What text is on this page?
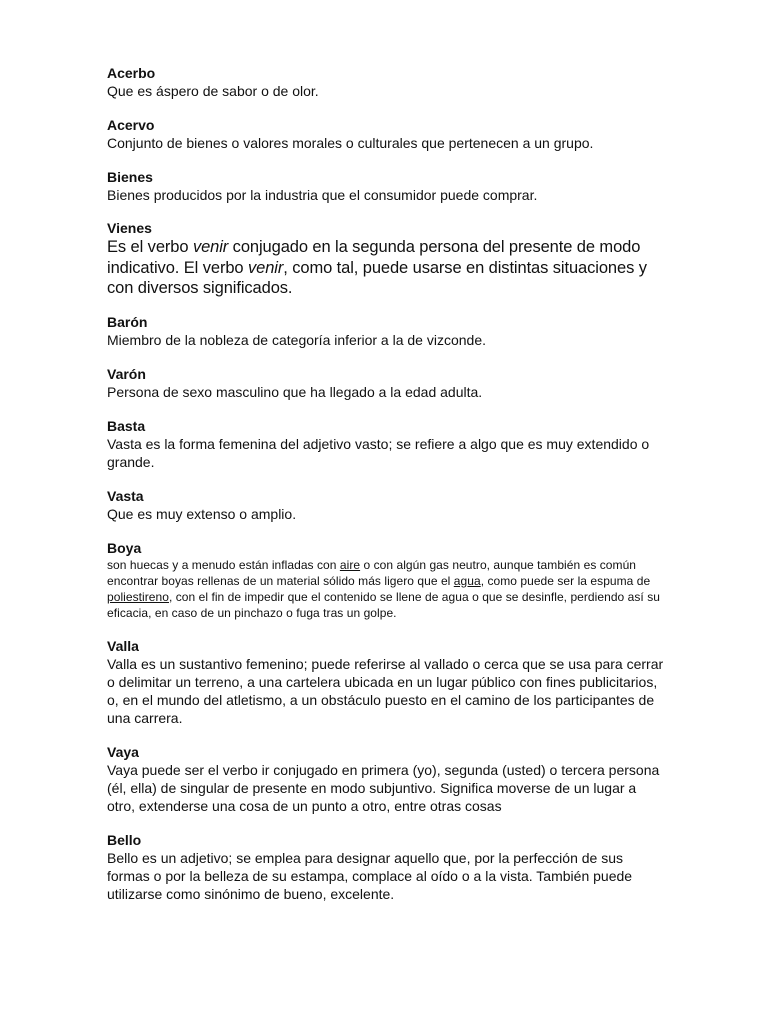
Acerbo

Que es áspero de sabor o de olor.

Acervo

Conjunto de bienes o valores morales o culturales que pertenecen a un grupo.

Bienes

Bienes producidos por la industria que el consumidor puede comprar.

Vienes

Es el verbo venir conjugado en la segunda persona del presente de modo indicativo. El verbo venir, como tal, puede usarse en distintas situaciones y con diversos significados.

Barón

Miembro de la nobleza de categoría inferior a la de vizconde.

Varón

Persona de sexo masculino que ha llegado a la edad adulta.

Basta

Vasta es la forma femenina del adjetivo vasto; se refiere a algo que es muy extendido o grande.

Vasta

Que es muy extenso o amplio.

Boya

son huecas y a menudo están infladas con aire o con algún gas neutro, aunque también es común encontrar boyas rellenas de un material sólido más ligero que el agua, como puede ser la espuma de poliestireno, con el fin de impedir que el contenido se llene de agua o que se desinfle, perdiendo así su eficacia, en caso de un pinchazo o fuga tras un golpe.

Valla

Valla es un sustantivo femenino; puede referirse al vallado o cerca que se usa para cerrar o delimitar un terreno, a una cartelera ubicada en un lugar público con fines publicitarios, o, en el mundo del atletismo, a un obstáculo puesto en el camino de los participantes de una carrera.

Vaya

Vaya puede ser el verbo ir conjugado en primera (yo), segunda (usted) o tercera persona (él, ella) de singular de presente en modo subjuntivo. Significa moverse de un lugar a otro, extenderse una cosa de un punto a otro, entre otras cosas

Bello

Bello es un adjetivo; se emplea para designar aquello que, por la perfección de sus formas o por la belleza de su estampa, complace al oído o a la vista. También puede utilizarse como sinónimo de bueno, excelente.
